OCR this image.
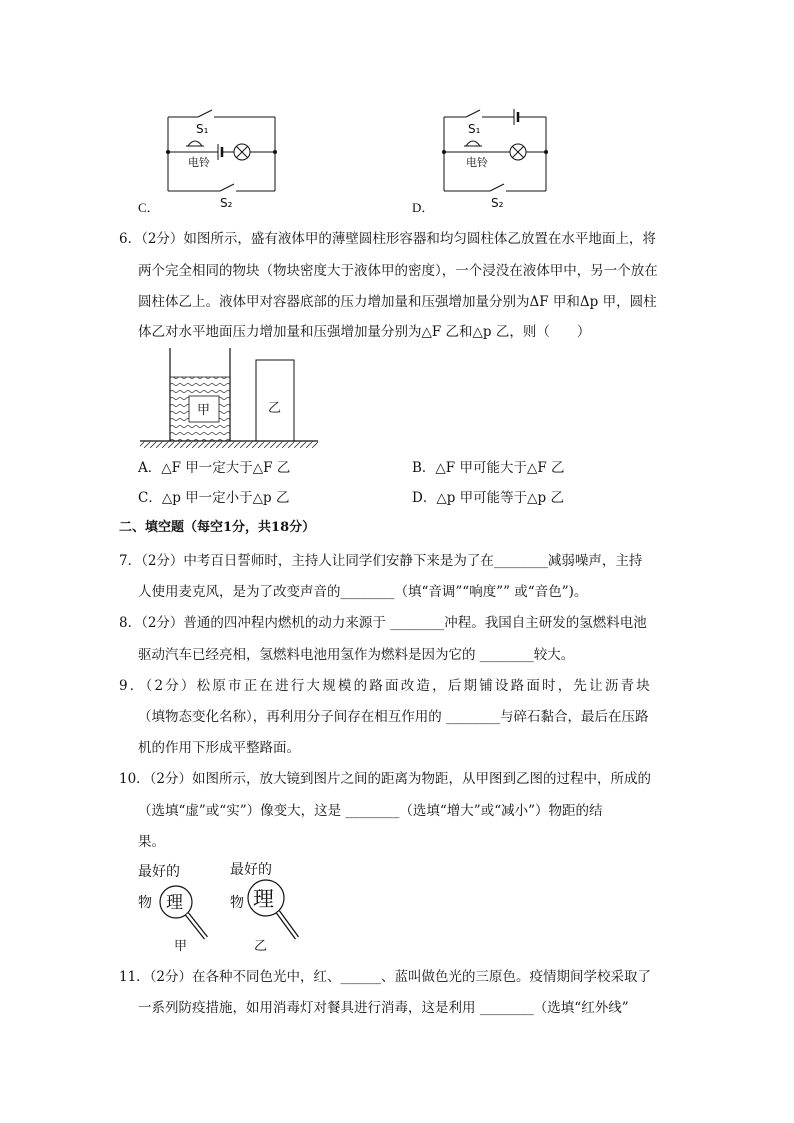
S₁
电铃
S₂
C．
S₁
电铃
S₂
D．
6．（2分）如图所示，盛有液体甲的薄壁圆柱形容器和均匀圆柱体乙放置在水平地面上，将
两个完全相同的物块（物块密度大于液体甲的密度），一个浸没在液体甲中，另一个放在
圆柱体乙上。液体甲对容器底部的压力增加量和压强增加量分别为ΔF 甲和Δp 甲，圆柱
体乙对水平地面压力增加量和压强增加量分别为△F 乙和△p 乙，则（　　）
甲	乙
A．△F 甲一定大于△F 乙	B．△F 甲可能大于△F 乙
C．△p 甲一定小于△p 乙	D．△p 甲可能等于△p 乙
二、填空题（每空1分，共18分）
7．（2分）中考百日誓师时，主持人让同学们安静下来是为了在________减弱噪声，主持
人使用麦克风，是为了改变声音的________（填“音调”“响度”” 或“音色”)。
8．（2分）普通的四冲程内燃机的动力来源于 ________冲程。我国自主研发的氢燃料电池
驱动汽车已经亮相，氢燃料电池用氢作为燃料是因为它的 ________较大。
9．（2分）松原市正在进行大规模的路面改造，后期铺设路面时，先让沥青块
（填物态变化名称），再利用分子间存在相互作用的 ________与碎石黏合，最后在压路
机的作用下形成平整路面。
10．（2分）如图所示，放大镜到图片之间的距离为物距，从甲图到乙图的过程中，所成的
（选填“虚”或“实”）像变大，这是 ________（选填“增大”或“减小”）物距的结
果。
最好的
物 理
甲
最好的
物 理
乙
11．（2分）在各种不同色光中，红、______、蓝叫做色光的三原色。疫情期间学校采取了
一系列防疫措施，如用消毒灯对餐具进行消毒，这是利用 ________（选填“红外线”
